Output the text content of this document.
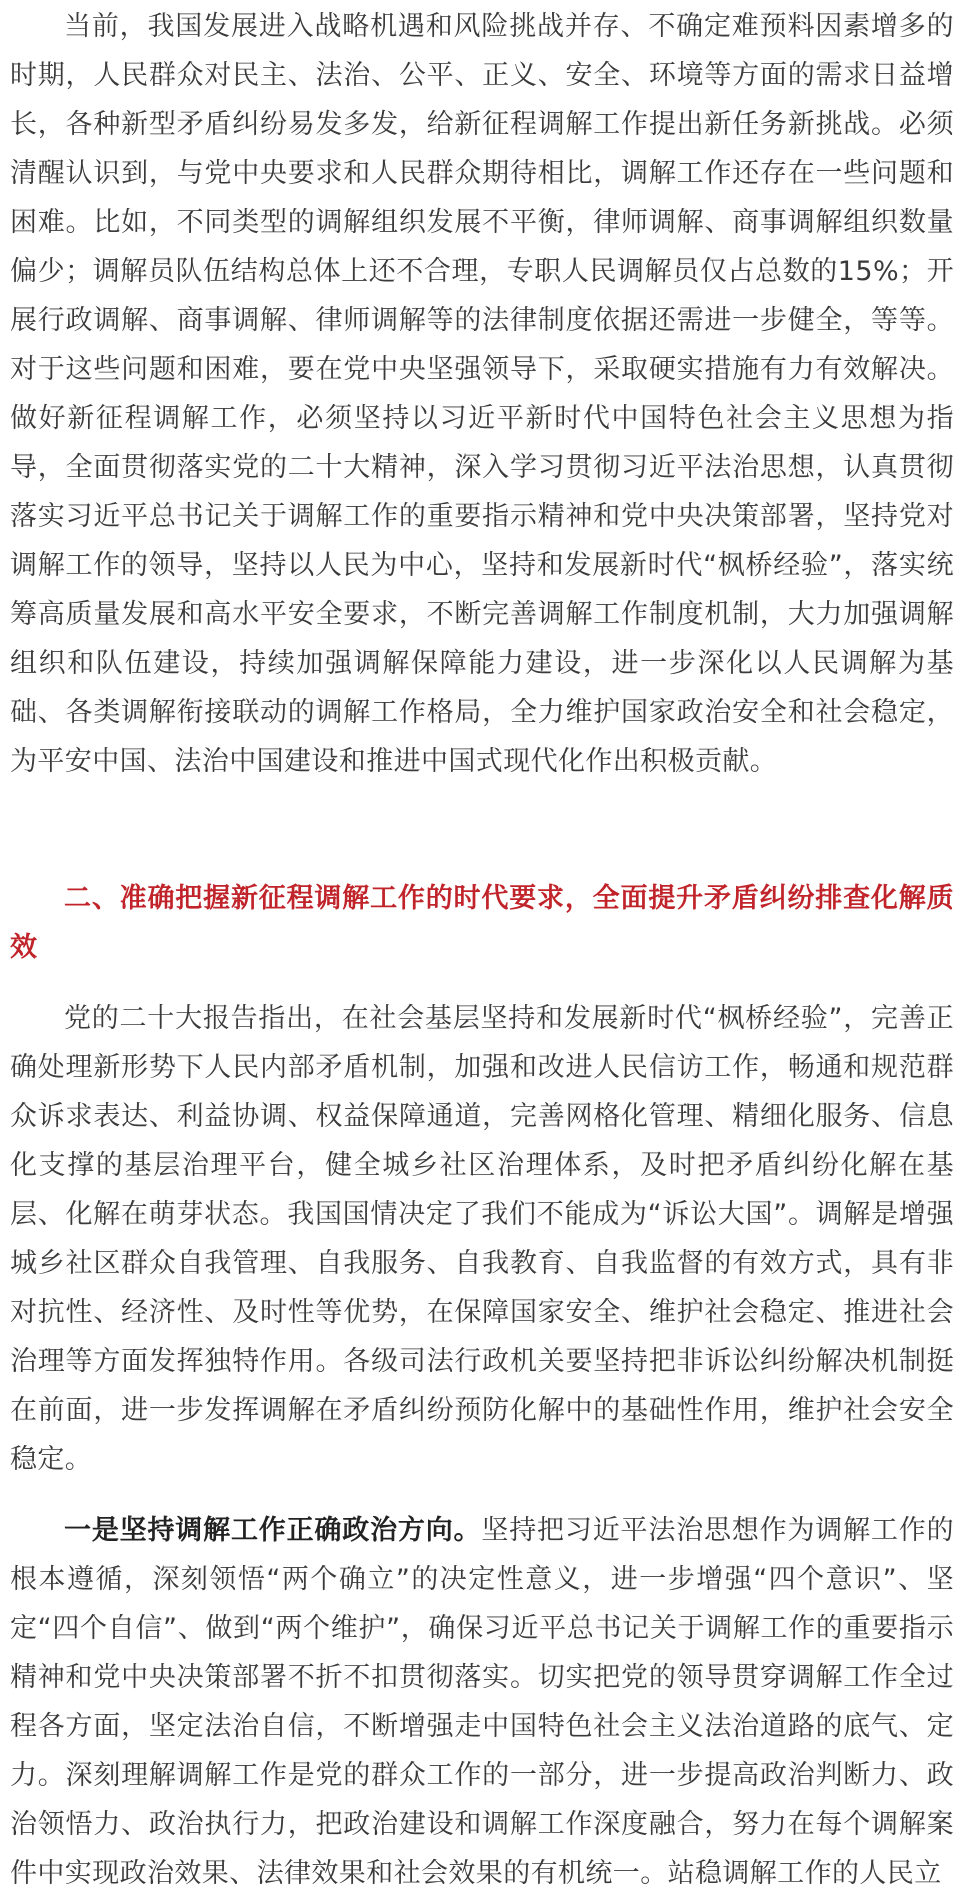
当前，我国发展进入战略机遇和风险挑战并存、不确定难预料因素增多的时期，人民群众对民主、法治、公平、正义、安全、环境等方面的需求日益增长，各种新型矛盾纠纷易发多发，给新征程调解工作提出新任务新挑战。必须清醒认识到，与党中央要求和人民群众期待相比，调解工作还存在一些问题和困难。比如，不同类型的调解组织发展不平衡，律师调解、商事调解组织数量偏少；调解员队伍结构总体上还不合理，专职人民调解员仅占总数的15%；开展行政调解、商事调解、律师调解等的法律制度依据还需进一步健全，等等。对于这些问题和困难，要在党中央坚强领导下，采取硬实措施有力有效解决。做好新征程调解工作，必须坚持以习近平新时代中国特色社会主义思想为指导，全面贯彻落实党的二十大精神，深入学习贯彻习近平法治思想，认真贯彻落实习近平总书记关于调解工作的重要指示精神和党中央决策部署，坚持党对调解工作的领导，坚持以人民为中心，坚持和发展新时代“枫桥经验”，落实统筹高质量发展和高水平安全要求，不断完善调解工作制度机制，大力加强调解组织和队伍建设，持续加强调解保障能力建设，进一步深化以人民调解为基础、各类调解衔接联动的调解工作格局，全力维护国家政治安全和社会稳定，为平安中国、法治中国建设和推进中国式现代化作出积极贡献。

二、准确把握新征程调解工作的时代要求，全面提升矛盾纠纷排查化解质效

党的二十大报告指出，在社会基层坚持和发展新时代“枫桥经验”，完善正确处理新形势下人民内部矛盾机制，加强和改进人民信访工作，畅通和规范群众诉求表达、利益协调、权益保障通道，完善网格化管理、精细化服务、信息化支撑的基层治理平台，健全城乡社区治理体系，及时把矛盾纠纷化解在基层、化解在萌芽状态。我国国情决定了我们不能成为“诉讼大国”。调解是增强城乡社区群众自我管理、自我服务、自我教育、自我监督的有效方式，具有非对抗性、经济性、及时性等优势，在保障国家安全、维护社会稳定、推进社会治理等方面发挥独特作用。各级司法行政机关要坚持把非诉讼纠纷解决机制挺在前面，进一步发挥调解在矛盾纠纷预防化解中的基础性作用，维护社会安全稳定。

一是坚持调解工作正确政治方向。坚持把习近平法治思想作为调解工作的根本遵循，深刻领悟“两个确立”的决定性意义，进一步增强“四个意识”、坚定“四个自信”、做到“两个维护”，确保习近平总书记关于调解工作的重要指示精神和党中央决策部署不折不扣贯彻落实。切实把党的领导贯穿调解工作全过程各方面，坚定法治自信，不断增强走中国特色社会主义法治道路的底气、定力。深刻理解调解工作是党的群众工作的一部分，进一步提高政治判断力、政治领悟力、政治执行力，把政治建设和调解工作深度融合，努力在每个调解案件中实现政治效果、法律效果和社会效果的有机统一。站稳调解工作的人民立
